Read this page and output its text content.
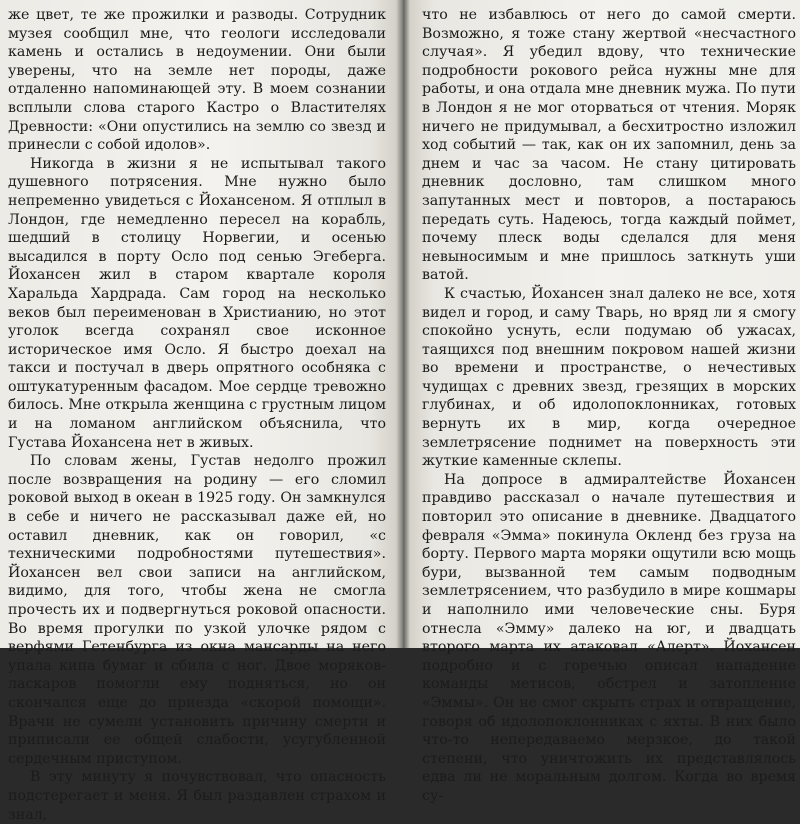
же цвет, те же прожилки и разводы. Сотрудник музея сообщил мне, что геологи исследовали камень и остались в недоумении. Они были уверены, что на земле нет породы, даже отдаленно напоминающей эту. В моем сознании всплыли слова старого Кастро о Властителях Древности: «Они опустились на землю со звезд и принесли с собой идолов».

Никогда в жизни я не испытывал такого душевного потрясения. Мне нужно было непременно увидеться с Йохансеном. Я отплыл в Лондон, где немедленно пересел на корабль, шедший в столицу Норвегии, и осенью высадился в порту Осло под сенью Эгеберга. Йохансен жил в старом квартале короля Харальда Хардрада. Сам город на несколько веков был переименован в Христианию, но этот уголок всегда сохранял свое исконное историческое имя Осло. Я быстро доехал на такси и постучал в дверь опрятного особняка с оштукатуренным фасадом. Мое сердце тревожно билось. Мне открыла женщина с грустным лицом и на ломаном английском объяснила, что Густава Йохансена нет в живых.

По словам жены, Густав недолго прожил после возвращения на родину — его сломил роковой выход в океан в 1925 году. Он замкнулся в себе и ничего не рассказывал даже ей, но оставил дневник, как он говорил, «с техническими подробностями путешествия». Йохансен вел свои записи на английском, видимо, для того, чтобы жена не смогла прочесть их и подвергнуться роковой опасности. Во время прогулки по узкой улочке рядом с верфями Гетенбурга из окна мансарды на него упала кипа бумаг и сбила с ног. Двое моряков-ласкаров помогли ему подняться, но он скончался еще до приезда «скорой помощи». Врачи не сумели установить причину смерти и приписали ее общей слабости, усугубленной сердечным приступом.

В эту минуту я почувствовал, что опасность подстерегает и меня. Я был раздавлен страхом и знал,

что не избавлюсь от него до самой смерти. Возможно, я тоже стану жертвой «несчастного случая». Я убедил вдову, что технические подробности рокового рейса нужны мне для работы, и она отдала мне дневник мужа. По пути в Лондон я не мог оторваться от чтения. Моряк ничего не придумывал, а бесхитростно изложил ход событий — так, как он их запомнил, день за днем и час за часом. Не стану цитировать дневник дословно, там слишком много запутанных мест и повторов, а постараюсь передать суть. Надеюсь, тогда каждый поймет, почему плеск воды сделался для меня невыносимым и мне пришлось заткнуть уши ватой.

К счастью, Йохансен знал далеко не все, хотя видел и город, и саму Тварь, но вряд ли я смогу спокойно уснуть, если подумаю об ужасах, таящихся под внешним покровом нашей жизни во времени и пространстве, о нечестивых чудищах с древних звезд, грезящих в морских глубинах, и об идолопоклонниках, готовых вернуть их в мир, когда очередное землетрясение поднимет на поверхность эти жуткие каменные склепы.

На допросе в адмиралтействе Йохансен правдиво рассказал о начале путешествия и повторил это описание в дневнике. Двадцатого февраля «Эмма» покинула Окленд без груза на борту. Первого марта моряки ощутили всю мощь бури, вызванной тем самым подводным землетрясением, что разбудило в мире кошмары и наполнило ими человеческие сны. Буря отнесла «Эмму» далеко на юг, и двадцать второго марта их атаковал «Алерт». Йохансен подробно и с горечью описал нападение команды метисов, обстрел и затопление «Эммы». Он не смог скрыть страх и отвращение, говоря об идолопоклонниках с яхты. В них было что-то непередаваемо мерзкое, до такой степени, что уничтожить их представлялось едва ли не моральным долгом. Когда во время су-
